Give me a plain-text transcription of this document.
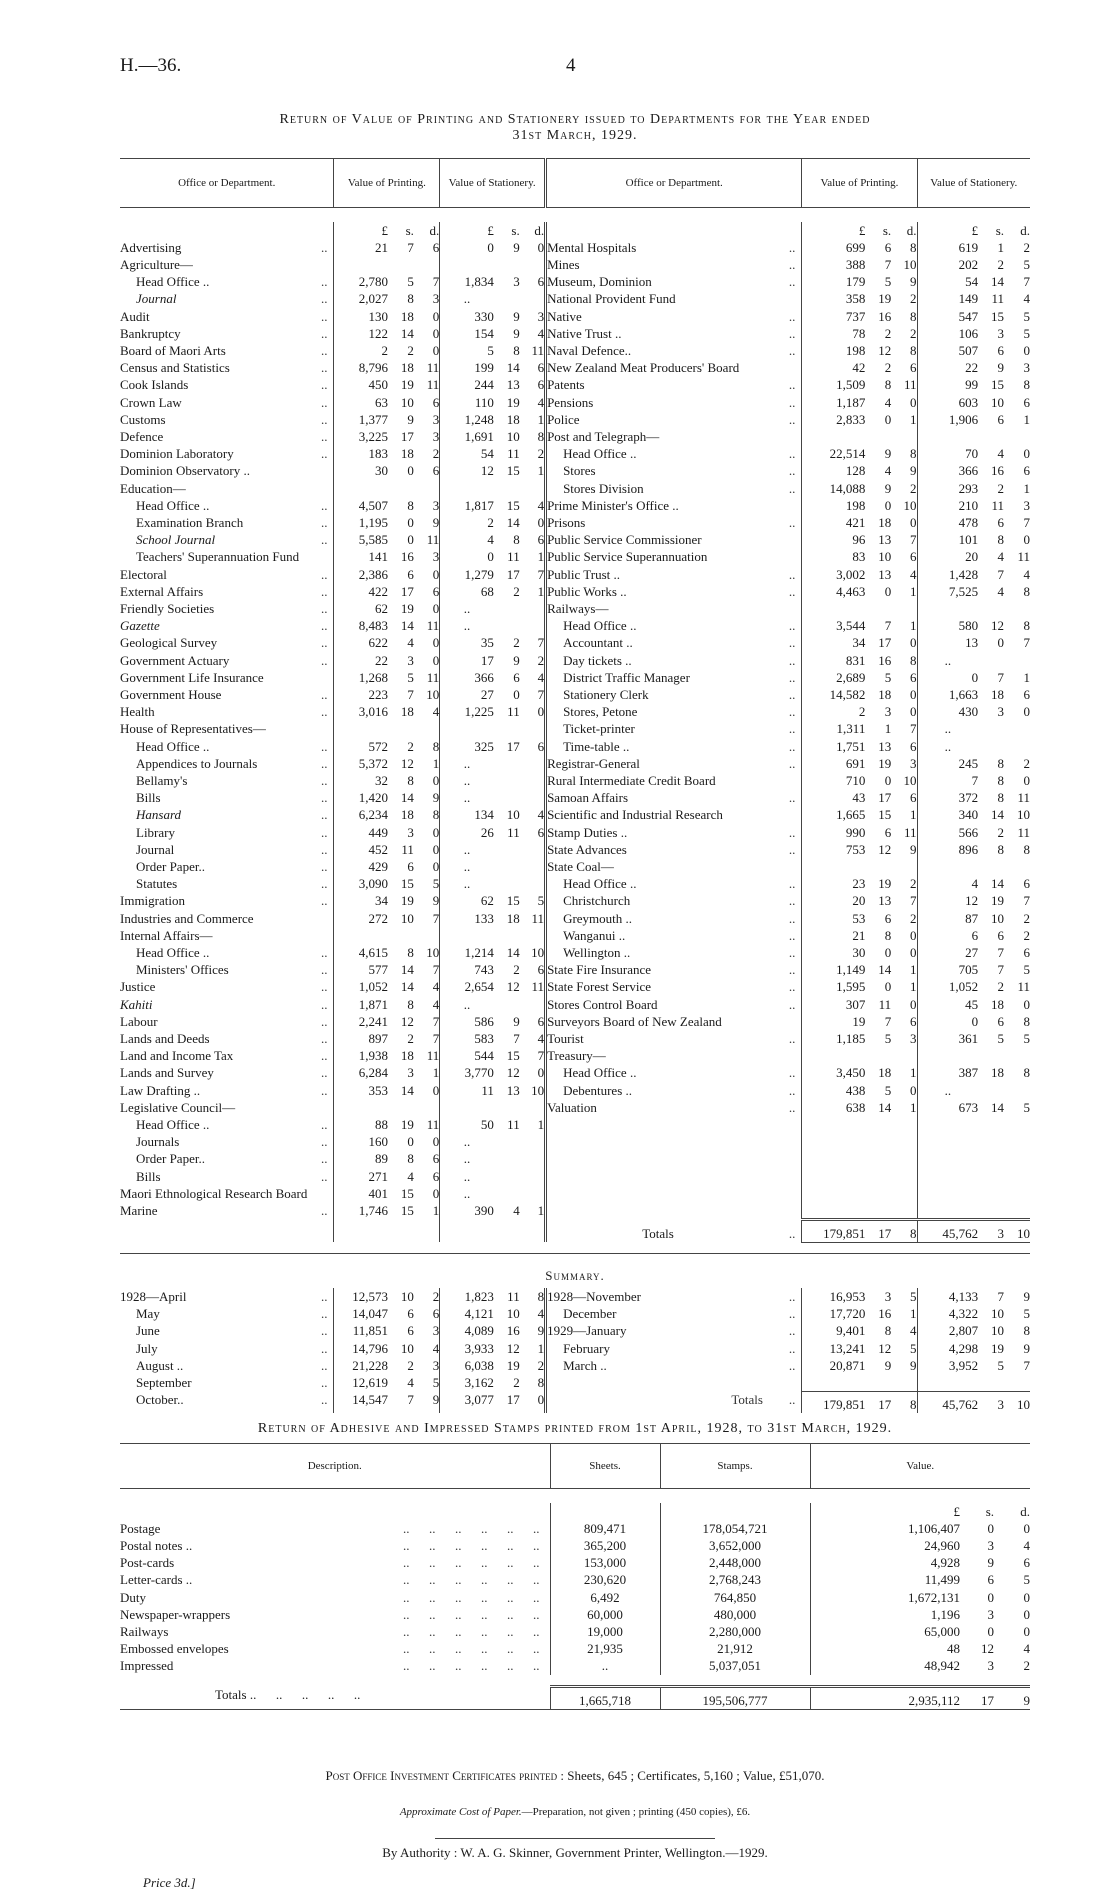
H.—36.	4
Return of Value of Printing and Stationery issued to Departments for the Year ended
31st March, 1929.
Office or Department.		Value of Printing.			Value of Stationery.			Office or Department.		Value of Printing.			Value of Stationery.		

		£	s.	d.	£	s.	d.			£	s.	d.	£	s.	d.
Advertising	..	21	7	6	0	9	0	Mental Hospitals	..	699	6	8	619	1	2
Agriculture—								Mines	..	388	7	10	202	2	5
Head Office ..	..	2,780	5	7	1,834	3	6	Museum, Dominion	..	179	5	9	54	14	7
Journal	..	2,027	8	3	..			National Provident Fund		358	19	2	149	11	4
Audit	..	130	18	0	330	9	3	Native	..	737	16	8	547	15	5
Bankruptcy	..	122	14	0	154	9	4	Native Trust ..	..	78	2	2	106	3	5
Board of Maori Arts	..	2	2	0	5	8	11	Naval Defence..	..	198	12	8	507	6	0
Census and Statistics	..	8,796	18	11	199	14	6	New Zealand Meat Producers' Board		42	2	6	22	9	3
Cook Islands	..	450	19	11	244	13	6	Patents	..	1,509	8	11	99	15	8
Crown Law	..	63	10	6	110	19	4	Pensions	..	1,187	4	0	603	10	6
Customs	..	1,377	9	3	1,248	18	1	Police	..	2,833	0	1	1,906	6	1
Defence	..	3,225	17	3	1,691	10	8	Post and Telegraph—							
Dominion Laboratory	..	183	18	2	54	11	2	Head Office ..	..	22,514	9	8	70	4	0
Dominion Observatory ..		30	0	6	12	15	1	Stores	..	128	4	9	366	16	6
Education—								Stores Division	..	14,088	9	2	293	2	1
Head Office ..	..	4,507	8	3	1,817	15	4	Prime Minister's Office ..		198	0	10	210	11	3
Examination Branch	..	1,195	0	9	2	14	0	Prisons	..	421	18	0	478	6	7
School Journal	..	5,585	0	11	4	8	6	Public Service Commissioner		96	13	7	101	8	0
Teachers' Superannuation Fund		141	16	3	0	11	1	Public Service Superannuation		83	10	6	20	4	11
Electoral	..	2,386	6	0	1,279	17	7	Public Trust ..	..	3,002	13	4	1,428	7	4
External Affairs	..	422	17	6	68	2	1	Public Works ..	..	4,463	0	1	7,525	4	8
Friendly Societies	..	62	19	0	..			Railways—							
Gazette	..	8,483	14	11	..			Head Office ..	..	3,544	7	1	580	12	8
Geological Survey	..	622	4	0	35	2	7	Accountant ..	..	34	17	0	13	0	7
Government Actuary	..	22	3	0	17	9	2	Day tickets ..	..	831	16	8	..		
Government Life Insurance		1,268	5	11	366	6	4	District Traffic Manager	..	2,689	5	6	0	7	1
Government House	..	223	7	10	27	0	7	Stationery Clerk	..	14,582	18	0	1,663	18	6
Health	..	3,016	18	4	1,225	11	0	Stores, Petone	..	2	3	0	430	3	0
House of Representatives—								Ticket-printer	..	1,311	1	7	..		
Head Office ..	..	572	2	8	325	17	6	Time-table ..	..	1,751	13	6	..		
Appendices to Journals	..	5,372	12	1	..			Registrar-General	..	691	19	3	245	8	2
Bellamy's	..	32	8	0	..			Rural Intermediate Credit Board		710	0	10	7	8	0
Bills	..	1,420	14	9	..			Samoan Affairs	..	43	17	6	372	8	11
Hansard	..	6,234	18	8	134	10	4	Scientific and Industrial Research		1,665	15	1	340	14	10
Library	..	449	3	0	26	11	6	Stamp Duties ..	..	990	6	11	566	2	11
Journal	..	452	11	0	..			State Advances	..	753	12	9	896	8	8
Order Paper..	..	429	6	0	..			State Coal—							
Statutes	..	3,090	15	5	..			Head Office ..	..	23	19	2	4	14	6
Immigration	..	34	19	9	62	15	5	Christchurch	..	20	13	7	12	19	7
Industries and Commerce		272	10	7	133	18	11	Greymouth ..	..	53	6	2	87	10	2
Internal Affairs—								Wanganui ..	..	21	8	0	6	6	2
Head Office ..	..	4,615	8	10	1,214	14	10	Wellington ..	..	30	0	0	27	7	6
Ministers' Offices	..	577	14	7	743	2	6	State Fire Insurance	..	1,149	14	1	705	7	5
Justice	..	1,052	14	4	2,654	12	11	State Forest Service	..	1,595	0	1	1,052	2	11
Kahiti	..	1,871	8	4	..			Stores Control Board	..	307	11	0	45	18	0
Labour	..	2,241	12	7	586	9	6	Surveyors Board of New Zealand		19	7	6	0	6	8
Lands and Deeds	..	897	2	7	583	7	4	Tourist	..	1,185	5	3	361	5	5
Land and Income Tax	..	1,938	18	11	544	15	7	Treasury—							
Lands and Survey	..	6,284	3	1	3,770	12	0	Head Office ..	..	3,450	18	1	387	18	8
Law Drafting ..	..	353	14	0	11	13	10	Debentures ..	..	438	5	0	..		
Legislative Council—								Valuation	..	638	14	1	673	14	5
Head Office ..	..	88	19	11	50	11	1								
Journals	..	160	0	0	..										
Order Paper..	..	89	8	6	..										
Bills	..	271	4	6	..										
Maori Ethnological Research Board		401	15	0	..										
Marine	..	1,746	15	1	390	4	1								
								Totals	..	179,851	17	8	45,762	3	10

Summary.
1928—April	..	12,573	10	2	1,823	11	8	1928—November	..	16,953	3	5	4,133	7	9
May	..	14,047	6	6	4,121	10	4	December	..	17,720	16	1	4,322	10	5
June	..	11,851	6	3	4,089	16	9	1929—January	..	9,401	8	4	2,807	10	8
July	..	14,796	10	4	3,933	12	1	February	..	13,241	12	5	4,298	19	9
August ..	..	21,228	2	3	6,038	19	2	March ..	..	20,871	9	9	3,952	5	7
September	..	12,619	4	5	3,162	2	8								
October..	..	14,547	7	9	3,077	17	0	Totals	..	179,851	17	8	45,762	3	10
Return of Adhesive and Impressed Stamps printed from 1st April, 1928, to 31st March, 1929.
Description.	Sheets.	Stamps.	Value.		

			£	s.	d.

Postage ..      ..      ..      ..      ..      ..	809,471	178,054,721	1,106,407	0	0

Postal notes .. ..      ..      ..      ..      ..      ..	365,200	3,652,000	24,960	3	4

Post-cards ..      ..      ..      ..      ..      ..	153,000	2,448,000	4,928	9	6

Letter-cards .. ..      ..      ..      ..      ..      ..	230,620	2,768,243	11,499	6	5

Duty ..      ..      ..      ..      ..      ..	6,492	764,850	1,672,131	0	0

Newspaper-wrappers ..      ..      ..      ..      ..      ..	60,000	480,000	1,196	3	0

Railways ..      ..      ..      ..      ..      ..	19,000	2,280,000	65,000	0	0

Embossed envelopes ..      ..      ..      ..      ..      ..	21,935	21,912	48	12	4

Impressed ..      ..      ..      ..      ..      ..	..	5,037,051	48,942	3	2

Totals ..      ..      ..      ..      ..	1,665,718	195,506,777	2,935,112	17	9
Post Office Investment Certificates printed : Sheets, 645 ; Certificates, 5,160 ; Value, £51,070.
Approximate Cost of Paper.—Preparation, not given ; printing (450 copies), £6.
By Authority : W. A. G. Skinner, Government Printer, Wellington.—1929.
Price 3d.]
